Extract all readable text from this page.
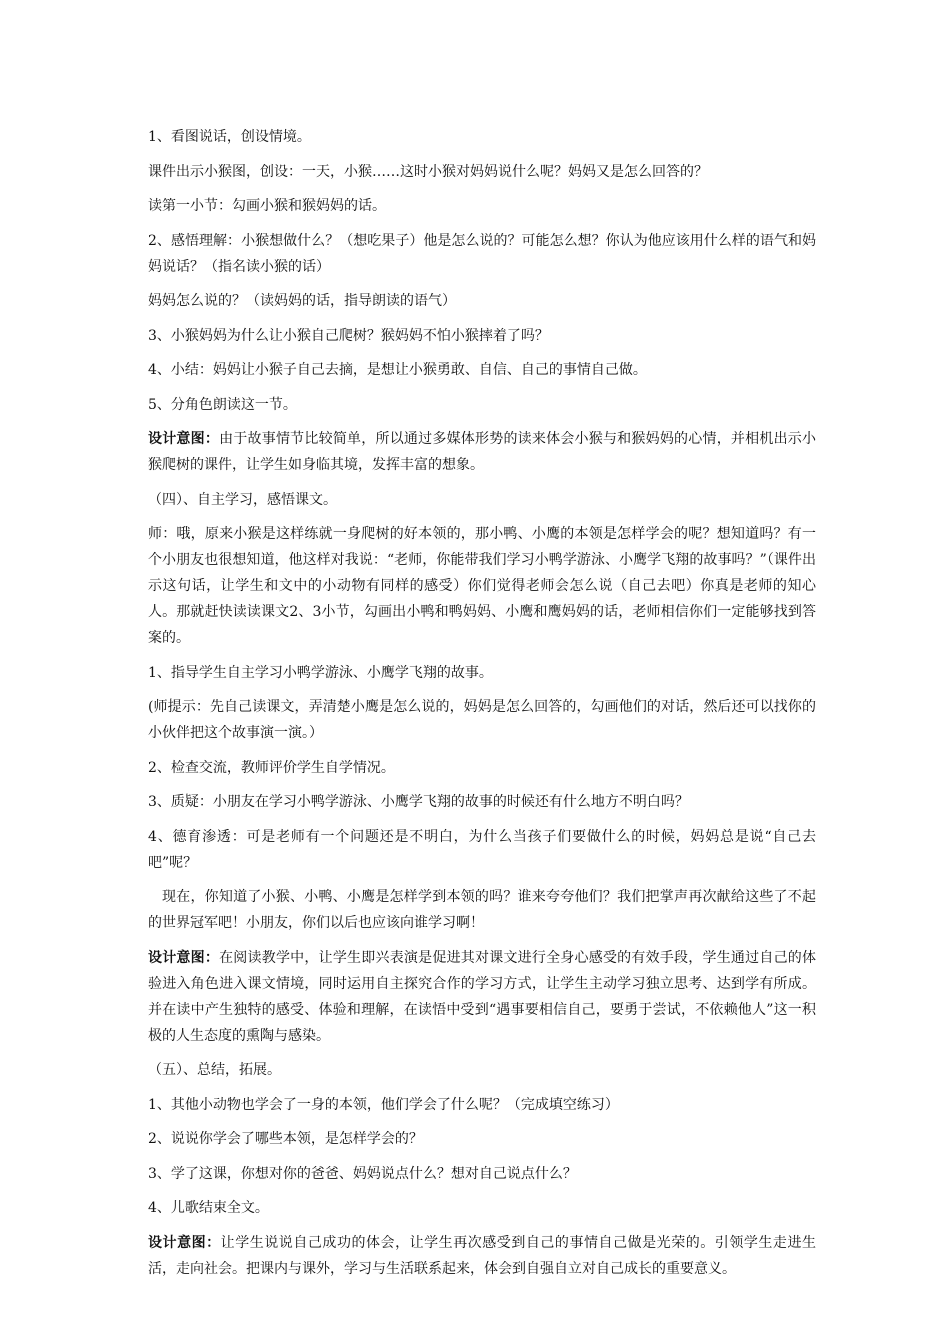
1、看图说话，创设情境。

课件出示小猴图，创设：一天，小猴……这时小猴对妈妈说什么呢？妈妈又是怎么回答的？

读第一小节：勾画小猴和猴妈妈的话。

2、感悟理解：小猴想做什么？（想吃果子）他是怎么说的？可能怎么想？你认为他应该用什么样的语气和妈妈说话？（指名读小猴的话）

妈妈怎么说的？（读妈妈的话，指导朗读的语气）

3、小猴妈妈为什么让小猴自己爬树？猴妈妈不怕小猴摔着了吗？

4、小结：妈妈让小猴子自己去摘，是想让小猴勇敢、自信、自己的事情自己做。

5、分角色朗读这一节。

设计意图：由于故事情节比较简单，所以通过多媒体形势的读来体会小猴与和猴妈妈的心情，并相机出示小猴爬树的课件，让学生如身临其境，发挥丰富的想象。

（四）、自主学习，感悟课文。

师：哦，原来小猴是这样练就一身爬树的好本领的，那小鸭、小鹰的本领是怎样学会的呢？想知道吗？有一个小朋友也很想知道，他这样对我说：“老师，你能带我们学习小鸭学游泳、小鹰学飞翔的故事吗？”（课件出示这句话，让学生和文中的小动物有同样的感受）你们觉得老师会怎么说（自己去吧）你真是老师的知心人。那就赶快读读课文2、3小节，勾画出小鸭和鸭妈妈、小鹰和鹰妈妈的话，老师相信你们一定能够找到答案的。

1、指导学生自主学习小鸭学游泳、小鹰学飞翔的故事。

(师提示：先自己读课文，弄清楚小鹰是怎么说的，妈妈是怎么回答的，勾画他们的对话，然后还可以找你的小伙伴把这个故事演一演。）

2、检查交流，教师评价学生自学情况。

3、质疑：小朋友在学习小鸭学游泳、小鹰学飞翔的故事的时候还有什么地方不明白吗？

4、德育渗透：可是老师有一个问题还是不明白，为什么当孩子们要做什么的时候，妈妈总是说“自己去吧”呢？

现在，你知道了小猴、小鸭、小鹰是怎样学到本领的吗？谁来夸夸他们？我们把掌声再次献给这些了不起的世界冠军吧！小朋友，你们以后也应该向谁学习啊！

设计意图：在阅读教学中，让学生即兴表演是促进其对课文进行全身心感受的有效手段，学生通过自己的体验进入角色进入课文情境，同时运用自主探究合作的学习方式，让学生主动学习独立思考、达到学有所成。并在读中产生独特的感受、体验和理解，在读悟中受到“遇事要相信自己，要勇于尝试，不依赖他人”这一积极的人生态度的熏陶与感染。

（五）、总结，拓展。

1、其他小动物也学会了一身的本领，他们学会了什么呢？（完成填空练习）

2、说说你学会了哪些本领，是怎样学会的？

3、学了这课，你想对你的爸爸、妈妈说点什么？想对自己说点什么？

4、儿歌结束全文。

设计意图：让学生说说自己成功的体会，让学生再次感受到自己的事情自己做是光荣的。引领学生走进生活，走向社会。把课内与课外，学习与生活联系起来，体会到自强自立对自己成长的重要意义。
